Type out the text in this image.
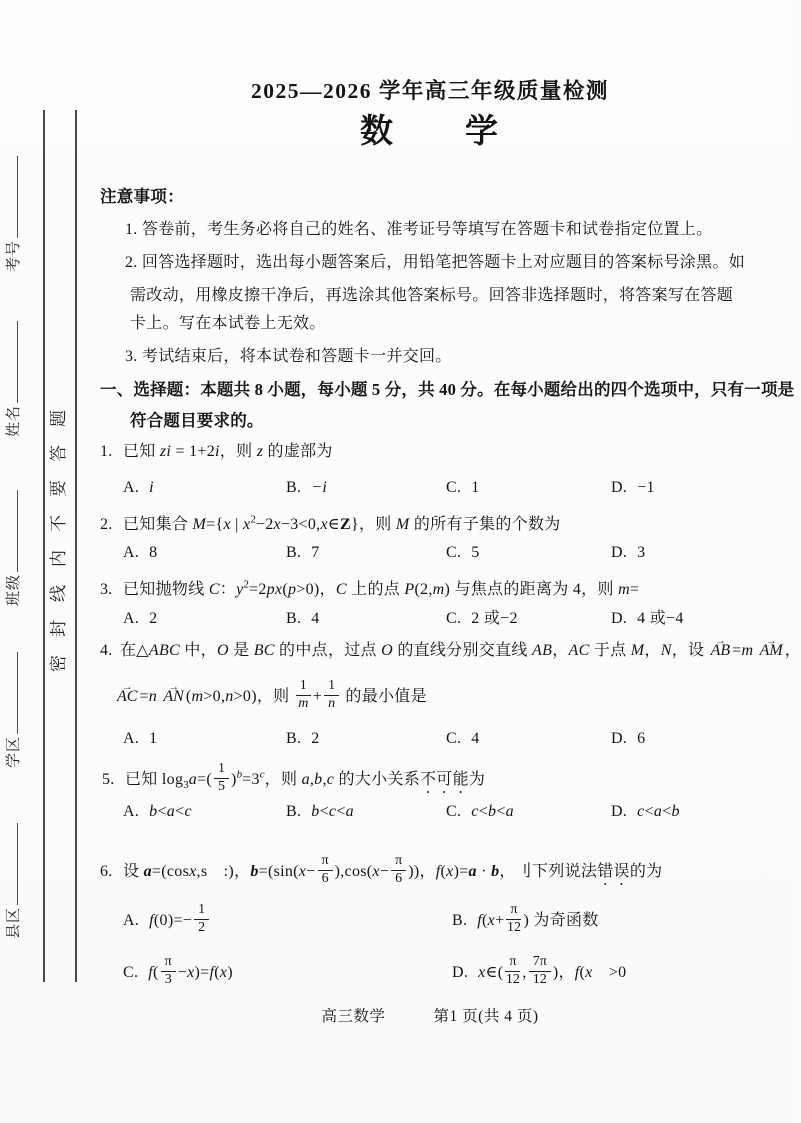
考号
姓名
班级
学区
县区
密封线内不要答题
2025—2026 学年高三年级质量检测
数　　学
注意事项：
1. 答卷前，考生务必将自己的姓名、准考证号等填写在答题卡和试卷指定位置上。
2. 回答选择题时，选出每小题答案后，用铅笔把答题卡上对应题目的答案标号涂黑。如
需改动，用橡皮擦干净后，再选涂其他答案标号。回答非选择题时，将答案写在答题
卡上。写在本试卷上无效。
3. 考试结束后，将本试卷和答题卡一并交回。
一、选择题：本题共 8 小题，每小题 5 分，共 40 分。在每小题给出的四个选项中，只有一项是
符合题目要求的。
1. 已知 zi = 1+2i，则 z 的虚部为
A. i	B. −i	C. 1	D. −1
2. 已知集合 M={x | $x^2-2x-3<0,x\in Z$}，则 M 的所有子集的个数为
A. 8	B. 7	C. 5	D. 3
3. 已知抛物线 C：$y^2=2px(p>0)$，C 上的点 P(2,m) 与焦点的距离为 4，则 m=
A. 2	B. 4	C. 2 或−2	D. 4 或−4
4. 在△ABC 中，O 是 BC 的中点，过点 O 的直线分别交直线 AB，AC 于点 M，N，设 AB → =m AM → ，
AC → =n AN → (m>0,n>0)，则 $\frac{1}{m} + \frac{1}{n}$ 的最小值是
A. 1	B. 2	C. 4	D. 6
5. 已知 $\log_3a=( \frac{1}{5} )^b=3^c$，则 a,b,c 的大小关系不可能为
A. b<a<c	B. b<c<a	C. c<b<a	D. c<a<b
6. 设 a=(cosx,s　:)，$b=(\sin(x- \frac{\pi}{6} ),\cos(x- \frac{\pi}{6}$ ))，f(x)=a · b，刂下列说法错误的为
A. $f(0)=- \frac{1}{2}$	B. $f(x+ \frac{\pi}{12}$ ) 为奇函数
C. $f( \frac{\pi}{3} -x)=f(x)$	D. x∈( $\frac{\pi}{12}$ , $\frac{7\pi}{12}$ )，f(x　>0
高三数学	第1 页(共 4 页)
